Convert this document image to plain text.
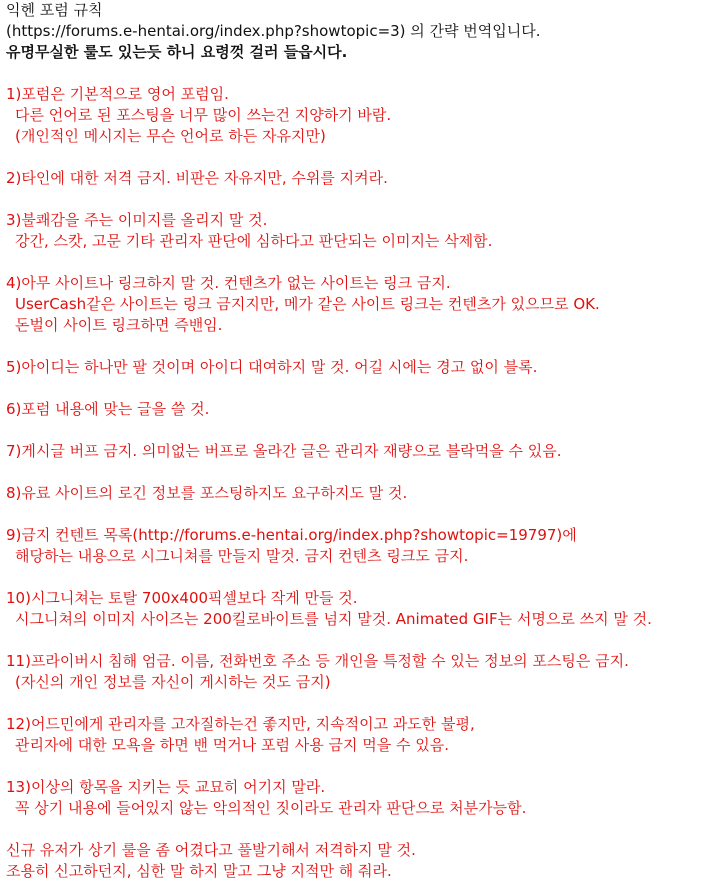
익헨 포럼 규칙
(https://forums.e-hentai.org/index.php?showtopic=3) 의 간략 번역입니다.
유명무실한 룰도 있는듯 하니 요령껏 걸러 들읍시다.
1)포럼은 기본적으로 영어 포럼임.
다른 언어로 된 포스팅을 너무 많이 쓰는건 지양하기 바람.
(개인적인 메시지는 무슨 언어로 하든 자유지만)
2)타인에 대한 저격 금지. 비판은 자유지만, 수위를 지켜라.
3)불쾌감을 주는 이미지를 올리지 말 것.
강간, 스캇, 고문 기타 관리자 판단에 심하다고 판단되는 이미지는 삭제함.
4)아무 사이트나 링크하지 말 것. 컨텐츠가 없는 사이트는 링크 금지.
UserCash같은 사이트는 링크 금지지만, 메가 같은 사이트 링크는 컨텐츠가 있으므로 OK.
돈벌이 사이트 링크하면 즉밴임.
5)아이디는 하나만 팔 것이며 아이디 대여하지 말 것. 어길 시에는 경고 없이 블록.
6)포럼 내용에 맞는 글을 쓸 것.
7)게시글 버프 금지. 의미없는 버프로 올라간 글은 관리자 재량으로 블락먹을 수 있음.
8)유료 사이트의 로긴 정보를 포스팅하지도 요구하지도 말 것.
9)금지 컨텐트 목록(http://forums.e-hentai.org/index.php?showtopic=19797)에
해당하는 내용으로 시그니쳐를 만들지 말것. 금지 컨텐츠 링크도 금지.
10)시그니쳐는 토탈 700x400픽셀보다 작게 만들 것.
시그니쳐의 이미지 사이즈는 200킬로바이트를 넘지 말것. Animated GIF는 서명으로 쓰지 말 것.
11)프라이버시 침해 엄금. 이름, 전화번호 주소 등 개인을 특정할 수 있는 정보의 포스팅은 금지.
(자신의 개인 정보를 자신이 게시하는 것도 금지)
12)어드민에게 관리자를 고자질하는건 좋지만, 지속적이고 과도한 불평,
관리자에 대한 모욕을 하면 밴 먹거나 포럼 사용 금지 먹을 수 있음.
13)이상의 항목을 지키는 듯 교묘히 어기지 말라.
꼭 상기 내용에 들어있지 않는 악의적인 짓이라도 관리자 판단으로 처분가능함.
신규 유저가 상기 룰을 좀 어겼다고 풀발기해서 저격하지 말 것.
조용히 신고하던지, 심한 말 하지 말고 그냥 지적만 해 줘라.
